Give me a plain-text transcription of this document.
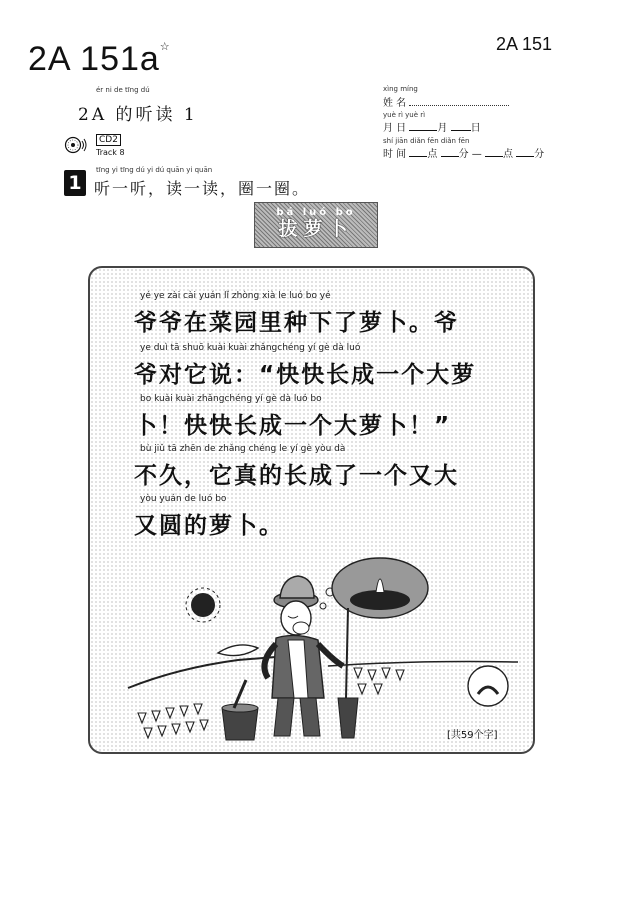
2A 151a☆	2A 151
ér ni de tīng dú
2A 的听读 1
xìng míng
姓 名
yuè rì yuè rì
月 日	月 日
shí jiān diǎn fēn diǎn fēn
时 间 点 分 — 点 分
CD2
Track 8
1
tīng yi tīng dú yi dú quān yi quān
听一听，读一读，圈一圈。
bá luó bo
拔萝卜
yé ye zài cài yuán lǐ zhòng xià le luó bo yé
爷爷在菜园里种下了萝卜。爷
ye duì tā shuō kuài kuài zhǎngchéng yí gè dà luó
爷对它说：“快快长成一个大萝
bo kuài kuài zhǎngchéng yí gè dà luó bo
卜！快快长成一个大萝卜！”
bù jiǔ tā zhēn de zhǎng chéng le yí gè yòu dà
不久，它真的长成了一个又大
yòu yuán de luó bo
又圆的萝卜。
[共59个字]
